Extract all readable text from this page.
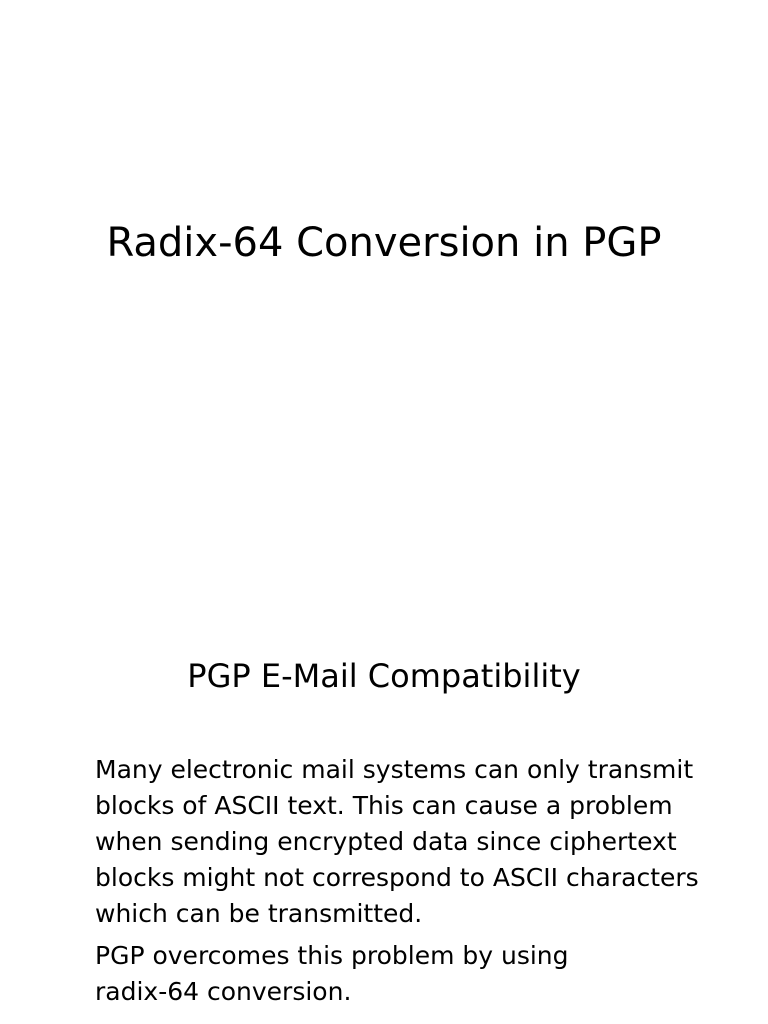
Radix-64 Conversion in PGP
PGP E-Mail Compatibility

Many electronic mail systems can only transmit blocks of ASCII text. This can cause a problem when sending encrypted data since ciphertext blocks might not correspond to ASCII characters which can be transmitted.

PGP overcomes this problem by using
radix-64 conversion.
